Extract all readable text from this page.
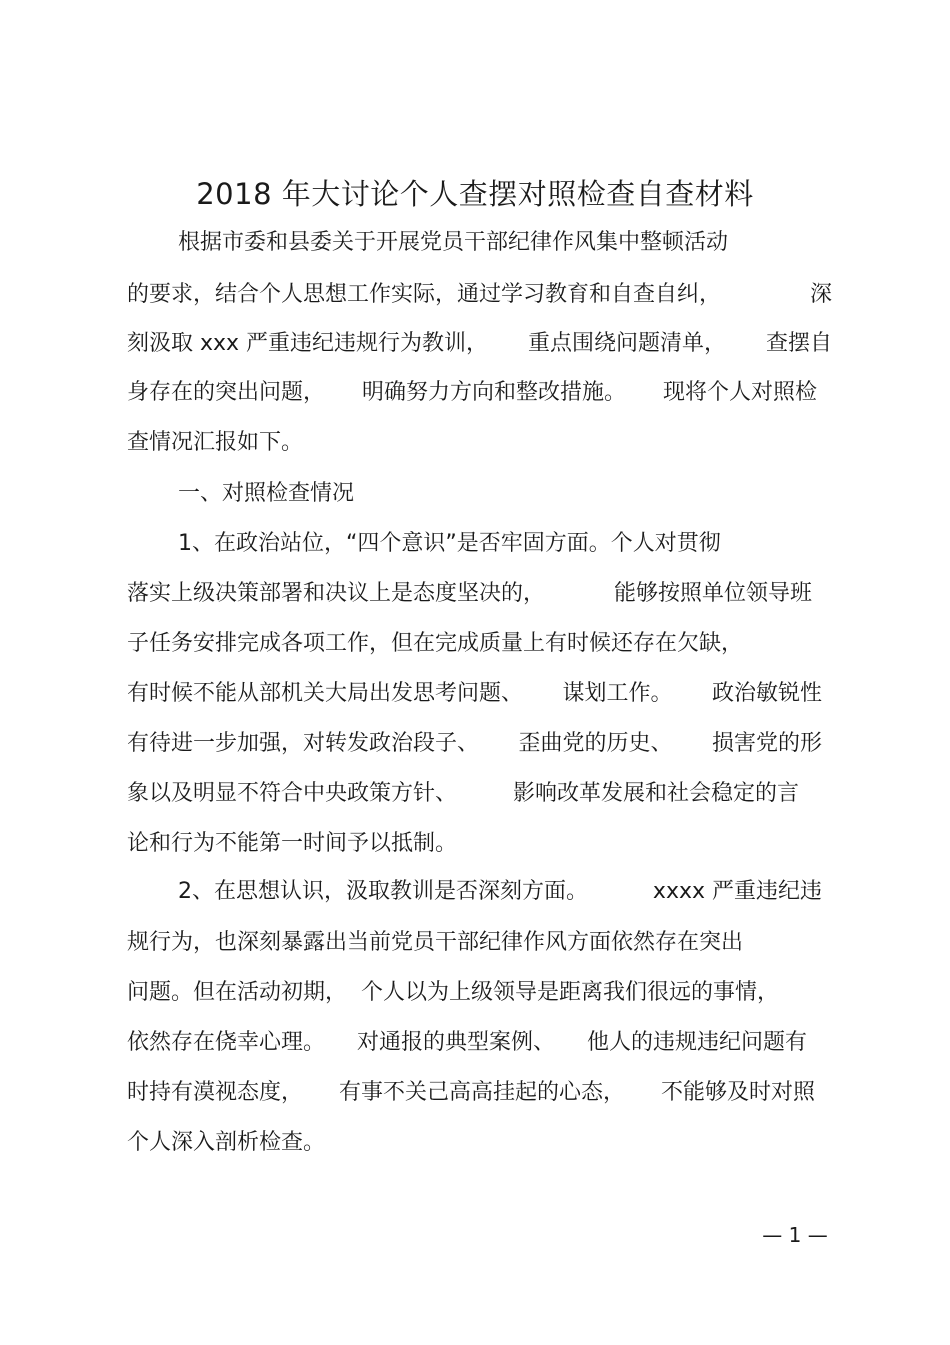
2018 年大讨论个人查摆对照检查自查材料
根据市委和县委关于开展党员干部纪律作风集中整顿活动
的要求，结合个人思想工作实际，通过学习教育和自查自纠，	深
刻汲取 xxx 严重违纪违规行为教训， 重点围绕问题清单， 查摆自
身存在的突出问题， 明确努力方向和整改措施。 现将个人对照检
查情况汇报如下。
一、对照检查情况
1、在政治站位，“四个意识”是否牢固方面。个人对贯彻
落实上级决策部署和决议上是态度坚决的，	能够按照单位领导班
子任务安排完成各项工作，但在完成质量上有时候还存在欠缺，
有时候不能从部机关大局出发思考问题、 谋划工作。 政治敏锐性
有待进一步加强，对转发政治段子、 歪曲党的历史、 损害党的形
象以及明显不符合中央政策方针、	影响改革发展和社会稳定的言
论和行为不能第一时间予以抵制。
2、在思想认识，汲取教训是否深刻方面。	xxxx 严重违纪违
规行为，也深刻暴露出当前党员干部纪律作风方面依然存在突出
问题。但在活动初期， 个人以为上级领导是距离我们很远的事情，
依然存在侥幸心理。 对通报的典型案例、 他人的违规违纪问题有
时持有漠视态度， 有事不关己高高挂起的心态， 不能够及时对照
个人深入剖析检查。
— 1 —
